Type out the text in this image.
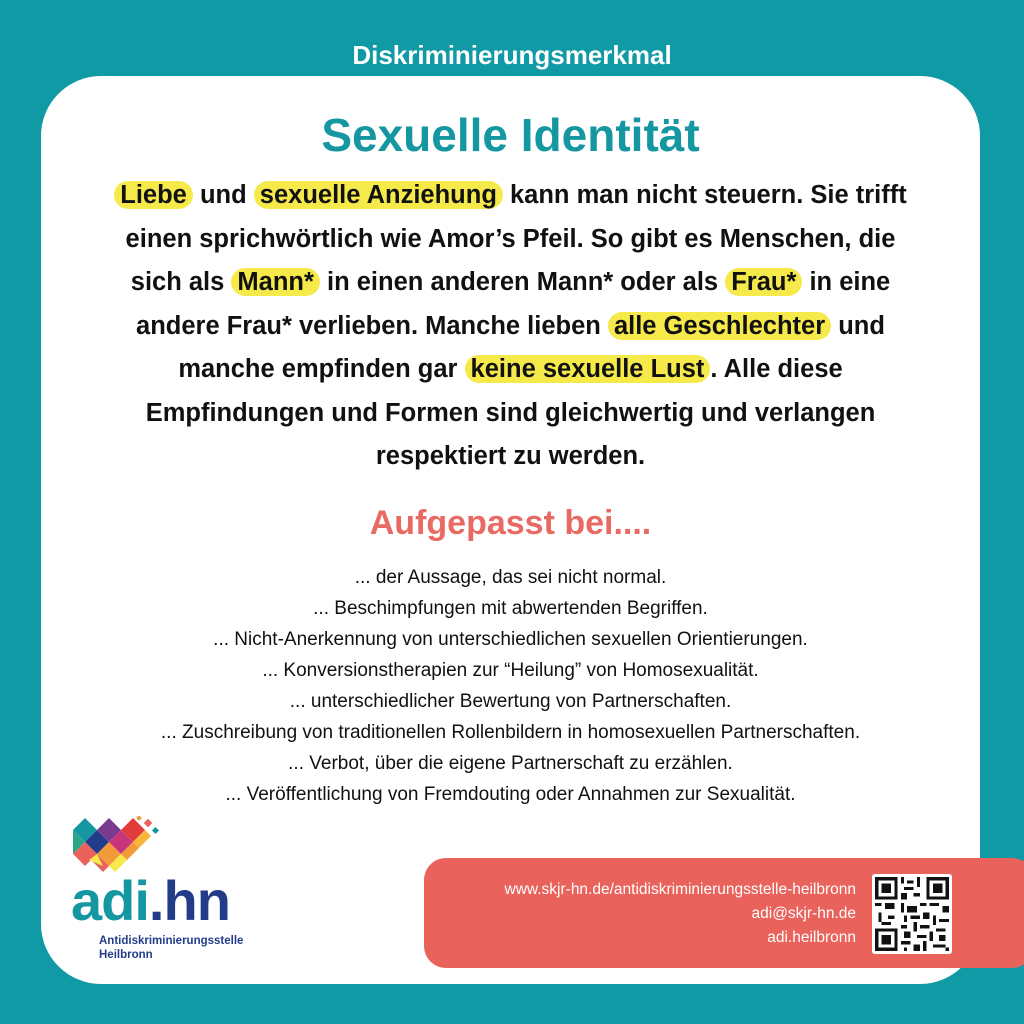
Diskriminierungsmerkmal
Sexuelle Identität
Liebe und sexuelle Anziehung kann man nicht steuern. Sie trifft einen sprichwörtlich wie Amor’s Pfeil. So gibt es Menschen, die sich als Mann* in einen anderen Mann* oder als Frau* in eine andere Frau* verlieben. Manche lieben alle Geschlechter und manche empfinden gar keine sexuelle Lust . Alle diese Empfindungen und Formen sind gleichwertig und verlangen respektiert zu werden.
Aufgepasst bei....
... der Aussage, das sei nicht normal.
... Beschimpfungen mit abwertenden Begriffen.
... Nicht-Anerkennung von unterschiedlichen sexuellen Orientierungen.
... Konversionstherapien zur “Heilung” von Homosexualität.
... unterschiedlicher Bewertung von Partnerschaften.
... Zuschreibung von traditionellen Rollenbildern in homosexuellen Partnerschaften.
... Verbot, über die eigene Partnerschaft zu erzählen.
... Veröffentlichung von Fremdouting oder Annahmen zur Sexualität.
adi.hn
Antidiskriminierungsstelle
Heilbronn
www.skjr-hn.de/antidiskriminierungsstelle-heilbronn
adi@skjr-hn.de
adi.heilbronn
